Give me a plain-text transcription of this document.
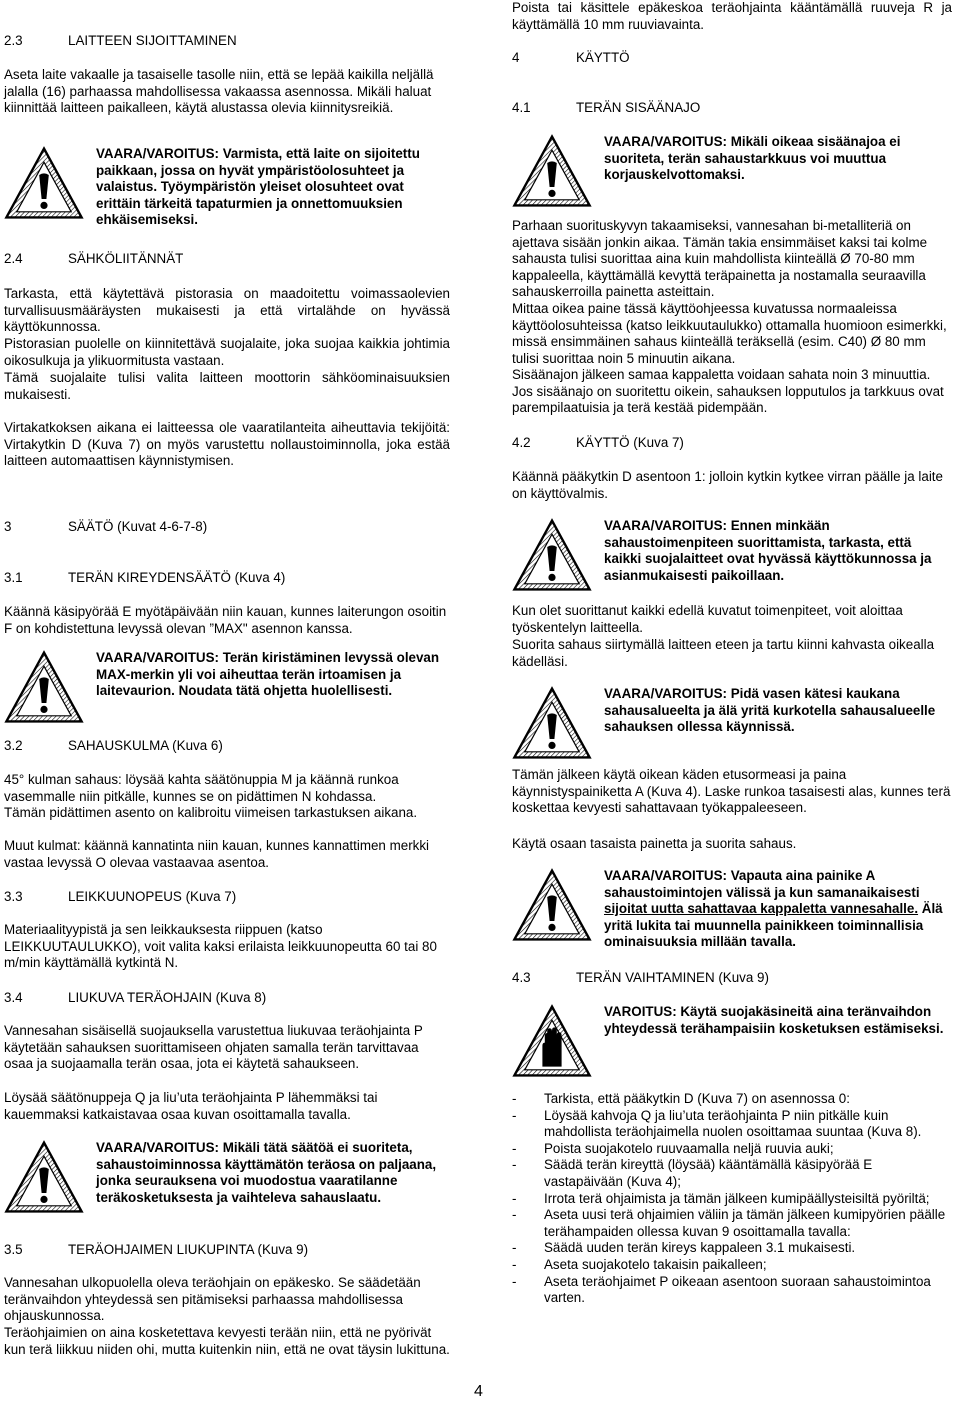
2.3	LAITTEEN SIJOITTAMINEN

Aseta laite vakaalle ja tasaiselle tasolle niin, että se lepää kaikilla neljällä jalalla (16) parhaassa mahdollisessa vakaassa asennossa. Mikäli haluat kiinnittää laitteen paikalleen, käytä alustassa olevia kiinnitysreikiä.

VAARA/VAROITUS: Varmista, että laite on sijoitettu paikkaan, jossa on hyvät ympäristöolosuhteet ja valaistus. Työympäristön yleiset olosuhteet ovat erittäin tärkeitä tapaturmien ja onnettomuuksien ehkäisemiseksi.
2.4	SÄHKÖLIITÄNNÄT

Tarkasta, että käytettävä pistorasia on maadoitettu voimassaolevien turvallisuusmääräysten mukaisesti ja että virtalähde on hyvässä käyttökunnossa.

Pistorasian puolelle on kiinnitettävä suojalaite, joka suojaa kaikkia johtimia oikosulkuja ja ylikuormitusta vastaan.

Tämä suojalaite tulisi valita laitteen moottorin sähköominaisuuksien mukaisesti.

Virtakatkoksen aikana ei laitteessa ole vaaratilanteita aiheuttavia tekijöitä: Virtakytkin D (Kuva 7) on myös varustettu nollaustoiminnolla, joka estää laitteen automaattisen käynnistymisen.

3	SÄÄTÖ (Kuvat 4-6-7-8)
3.1	TERÄN KIREYDENSÄÄTÖ (Kuva 4)

Käännä käsipyörää E myötäpäivään niin kauan, kunnes laiterungon osoitin F on kohdistettuna levyssä olevan ”MAX" asennon kanssa.

VAARA/VAROITUS: Terän kiristäminen levyssä olevan MAX-merkin yli voi aiheuttaa terän irtoamisen ja laitevaurion. Noudata tätä ohjetta huolellisesti.
3.2	SAHAUSKULMA (Kuva 6)

45° kulman sahaus: löysää kahta säätönuppia M ja käännä runkoa vasemmalle niin pitkälle, kunnes se on pidättimen N kohdassa.

Tämän pidättimen asento on kalibroitu viimeisen tarkastuksen aikana.

Muut kulmat: käännä kannatinta niin kauan, kunnes kannattimen merkki vastaa levyssä O olevaa vastaavaa asentoa.

3.3	LEIKKUUNOPEUS (Kuva 7)

Materiaalityypistä ja sen leikkauksesta riippuen (katso LEIKKUUTAULUKKO), voit valita kaksi erilaista leikkuunopeutta 60 tai 80 m/min käyttämällä kytkintä N.

3.4	LIUKUVA TERÄOHJAIN (Kuva 8)

Vannesahan sisäisellä suojauksella varustettua liukuvaa teräohjainta P käytetään sahauksen suorittamiseen ohjaten samalla terän tarvittavaa osaa ja suojaamalla terän osaa, jota ei käytetä sahaukseen.

Löysää säätönuppeja Q ja liu’uta teräohjainta P lähemmäksi tai kauemmaksi katkaistavaa osaa kuvan osoittamalla tavalla.

VAARA/VAROITUS: Mikäli tätä säätöä ei suoriteta, sahaustoiminnossa käyttämätön teräosa on paljaana, jonka seurauksena voi muodostua vaaratilanne teräkosketuksesta ja vaihteleva sahauslaatu.
3.5	TERÄOHJAIMEN LIUKUPINTA (Kuva 9)

Vannesahan ulkopuolella oleva teräohjain on epäkesko. Se säädetään teränvaihdon yhteydessä sen pitämiseksi parhaassa mahdollisessa ohjauskunnossa.

Teräohjaimien on aina kosketettava kevyesti terään niin, että ne pyörivät kun terä liikkuu niiden ohi, mutta kuitenkin niin, että ne ovat täysin lukittuna.

Poista tai käsittele epäkeskoa teräohjainta kääntämällä ruuveja R ja käyttämällä 10 mm ruuviavainta.

4	KÄYTTÖ
4.1	TERÄN SISÄÄNAJO
VAARA/VAROITUS: Mikäli oikeaa sisäänajoa ei suoriteta, terän sahaustarkkuus voi muuttua korjauskelvottomaksi.

Parhaan suorituskyvyn takaamiseksi, vannesahan bi-metalliteriä on ajettava sisään jonkin aikaa. Tämän takia ensimmäiset kaksi tai kolme sahausta tulisi suorittaa aina kuin mahdollista kiinteällä Ø 70-80 mm kappaleella, käyttämällä kevyttä teräpainetta ja nostamalla seuraavilla sahauskerroilla painetta asteittain.

Mittaa oikea paine tässä käyttöohjeessa kuvatussa normaaleissa käyttöolosuhteissa (katso leikkuutaulukko) ottamalla huomioon esimerkki, missä ensimmäinen sahaus kiinteällä teräksellä (esim. C40) Ø 80 mm tulisi suorittaa noin 5 minuutin aikana.

Sisäänajon jälkeen samaa kappaletta voidaan sahata noin 3 minuuttia. Jos sisäänajo on suoritettu oikein, sahauksen lopputulos ja tarkkuus ovat parempilaatuisia ja terä kestää pidempään.

4.2	KÄYTTÖ (Kuva 7)

Käännä pääkytkin D asentoon 1: jolloin kytkin kytkee virran päälle ja laite on käyttövalmis.

VAARA/VAROITUS: Ennen minkään sahaustoimenpiteen suorittamista, tarkasta, että kaikki suojalaitteet ovat hyvässä käyttökunnossa ja asianmukaisesti paikoillaan.

Kun olet suorittanut kaikki edellä kuvatut toimenpiteet, voit aloittaa työskentelyn laitteella.

Suorita sahaus siirtymällä laitteen eteen ja tartu kiinni kahvasta oikealla kädelläsi.

VAARA/VAROITUS: Pidä vasen kätesi kaukana sahausalueelta ja älä yritä kurkotella sahausalueelle sahauksen ollessa käynnissä.

Tämän jälkeen käytä oikean käden etusormeasi ja paina käynnistyspainiketta A (Kuva 4). Laske runkoa tasaisesti alas, kunnes terä koskettaa kevyesti sahattavaan työkappaleeseen.

Käytä osaan tasaista painetta ja suorita sahaus.

VAARA/VAROITUS: Vapauta aina painike A sahaustoimintojen välissä ja kun samanaikaisesti sijoitat uutta sahattavaa kappaletta vannesahalle. Älä yritä lukita tai muunnella painikkeen toiminnallisia ominaisuuksia millään tavalla.
4.3	TERÄN VAIHTAMINEN (Kuva 9)
VAROITUS: Käytä suojakäsineitä aina teränvaihdon yhteydessä terähampaisiin kosketuksen estämiseksi.
- Tarkista, että pääkytkin D (Kuva 7) on asennossa 0:
- Löysää kahvoja Q ja liu’uta teräohjainta P niin pitkälle kuin mahdollista teräohjaimella nuolen osoittamaa suuntaa (Kuva 8).
- Poista suojakotelo ruuvaamalla neljä ruuvia auki;
- Säädä terän kireyttä (löysää) kääntämällä käsipyörää E vastapäivään (Kuva 4);
- Irrota terä ohjaimista ja tämän jälkeen kumipäällysteisiltä pyöriltä;
- Aseta uusi terä ohjaimien väliin ja tämän jälkeen kumipyörien päälle terähampaiden ollessa kuvan 9 osoittamalla tavalla:
- Säädä uuden terän kireys kappaleen 3.1 mukaisesti.
- Aseta suojakotelo takaisin paikalleen;
- Aseta teräohjaimet P oikeaan asentoon suoraan sahaustoimintoa varten.
4
